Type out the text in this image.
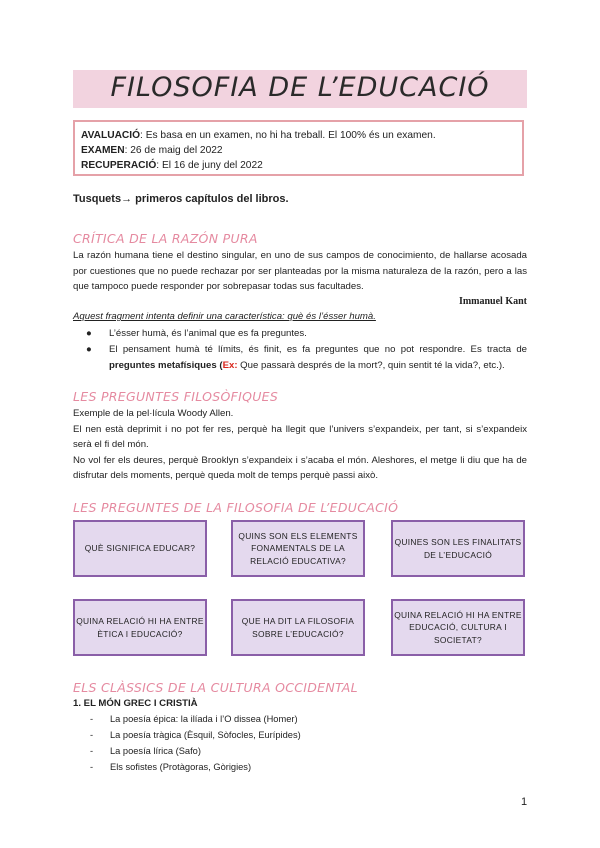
FILOSOFIA DE L’EDUCACIÓ
AVALUACIÓ: Es basa en un examen, no hi ha treball. El 100% és un examen.
EXAMEN: 26 de maig del 2022
RECUPERACIÓ: El 16 de juny del 2022
Tusquets→ primeros capítulos del libros.
CRÍTICA DE LA RAZÓN PURA
La razón humana tiene el destino singular, en uno de sus campos de conocimiento, de hallarse acosada por cuestiones que no puede rechazar por ser planteadas por la misma naturaleza de la razón, pero a las que tampoco puede responder por sobrepasar todas sus facultades.
Immanuel Kant
Aquest fragment intenta definir una característica: què és l’ésser humà.
● L’ésser humà, és l’animal que es fa preguntes.
● El pensament humà té límits, és finit, es fa preguntes que no pot respondre. Es tracta de preguntes metafísiques (Ex: Que passarà després de la mort?, quin sentit té la vida?, etc.).
LES PREGUNTES FILOSÒFIQUES
Exemple de la pel·lícula Woody Allen.
El nen està deprimit i no pot fer res, perquè ha llegit que l’univers s’expandeix, per tant, si s’expandeix serà el fi del món.
No vol fer els deures, perquè Brooklyn s’expandeix i s’acaba el món. Aleshores, el metge li diu que ha de disfrutar dels moments, perquè queda molt de temps perquè passi això.
LES PREGUNTES DE LA FILOSOFIA DE L’EDUCACIÓ
QUÈ SIGNIFICA EDUCAR?
QUINS SON ELS ELEMENTS FONAMENTALS DE LA RELACIÓ EDUCATIVA?
QUINES SON LES FINALITATS DE L’EDUCACIÓ
QUINA RELACIÓ HI HA ENTRE ÈTICA I EDUCACIÓ?
QUE HA DIT LA FILOSOFIA SOBRE L’EDUCACIÓ?
QUINA RELACIÓ HI HA ENTRE EDUCACIÓ, CULTURA I SOCIETAT?
ELS CLÀSSICS DE LA CULTURA OCCIDENTAL
1. EL MÓN GREC I CRISTIÀ
- La poesía épica: la ilíada i l’O dissea (Homer)
- La poesía tràgica (Èsquil, Sòfocles, Eurípides)
- La poesía lírica (Safo)
- Els sofistes (Protàgoras, Gòrigies)
1
